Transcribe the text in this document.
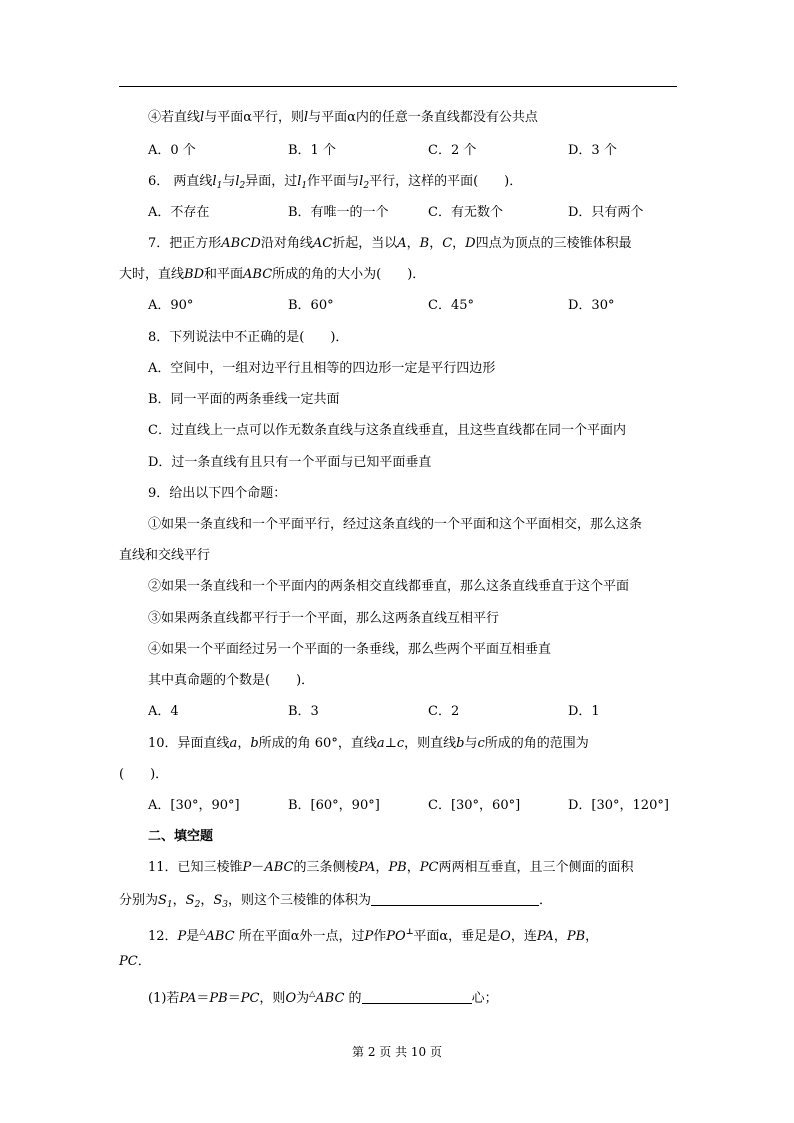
④若直线l与平面α平行，则l与平面α内的任意一条直线都没有公共点
A．0 个	B．1 个	C．2 个	D．3 个
6． 两直线$l_1$与$l_2$异面，过$l_1$作平面与$l_2$平行，这样的平面(　　)．
A．不存在	B．有唯一的一个	C．有无数个	D．只有两个
7．把正方形ABCD沿对角线AC折起，当以A，B，C，D四点为顶点的三棱锥体积最
大时，直线BD和平面ABC所成的角的大小为(　　)．
A．90°	B．60°	C．45°	D．30°
8．下列说法中不正确的是(　　)．
A．空间中，一组对边平行且相等的四边形一定是平行四边形
B．同一平面的两条垂线一定共面
C．过直线上一点可以作无数条直线与这条直线垂直，且这些直线都在同一个平面内
D．过一条直线有且只有一个平面与已知平面垂直
9．给出以下四个命题：
①如果一条直线和一个平面平行，经过这条直线的一个平面和这个平面相交，那么这条
直线和交线平行
②如果一条直线和一个平面内的两条相交直线都垂直，那么这条直线垂直于这个平面
③如果两条直线都平行于一个平面，那么这两条直线互相平行
④如果一个平面经过另一个平面的一条垂线，那么些两个平面互相垂直
其中真命题的个数是(　　)．
A．4	B．3	C．2	D．1
10．异面直线a，b所成的角 60°，直线a⊥c，则直线b与c所成的角的范围为
(　　)．
A．[30°，90°]	B．[60°，90°]	C．[30°，60°]	D．[30°，120°]
二、填空题
11．已知三棱锥P－ABC的三条侧棱PA，PB，PC两两相互垂直，且三个侧面的面积
分别为$S_1$，$S_2$，$S_3$，则这个三棱锥的体积为	．
12．P是△ABC 所在平面α外一点，过P作PO⊥平面α，垂足是O，连PA，PB，
PC．
(1)若PA＝PB＝PC，则O为△ABC 的	心；
第 2 页 共 10 页
